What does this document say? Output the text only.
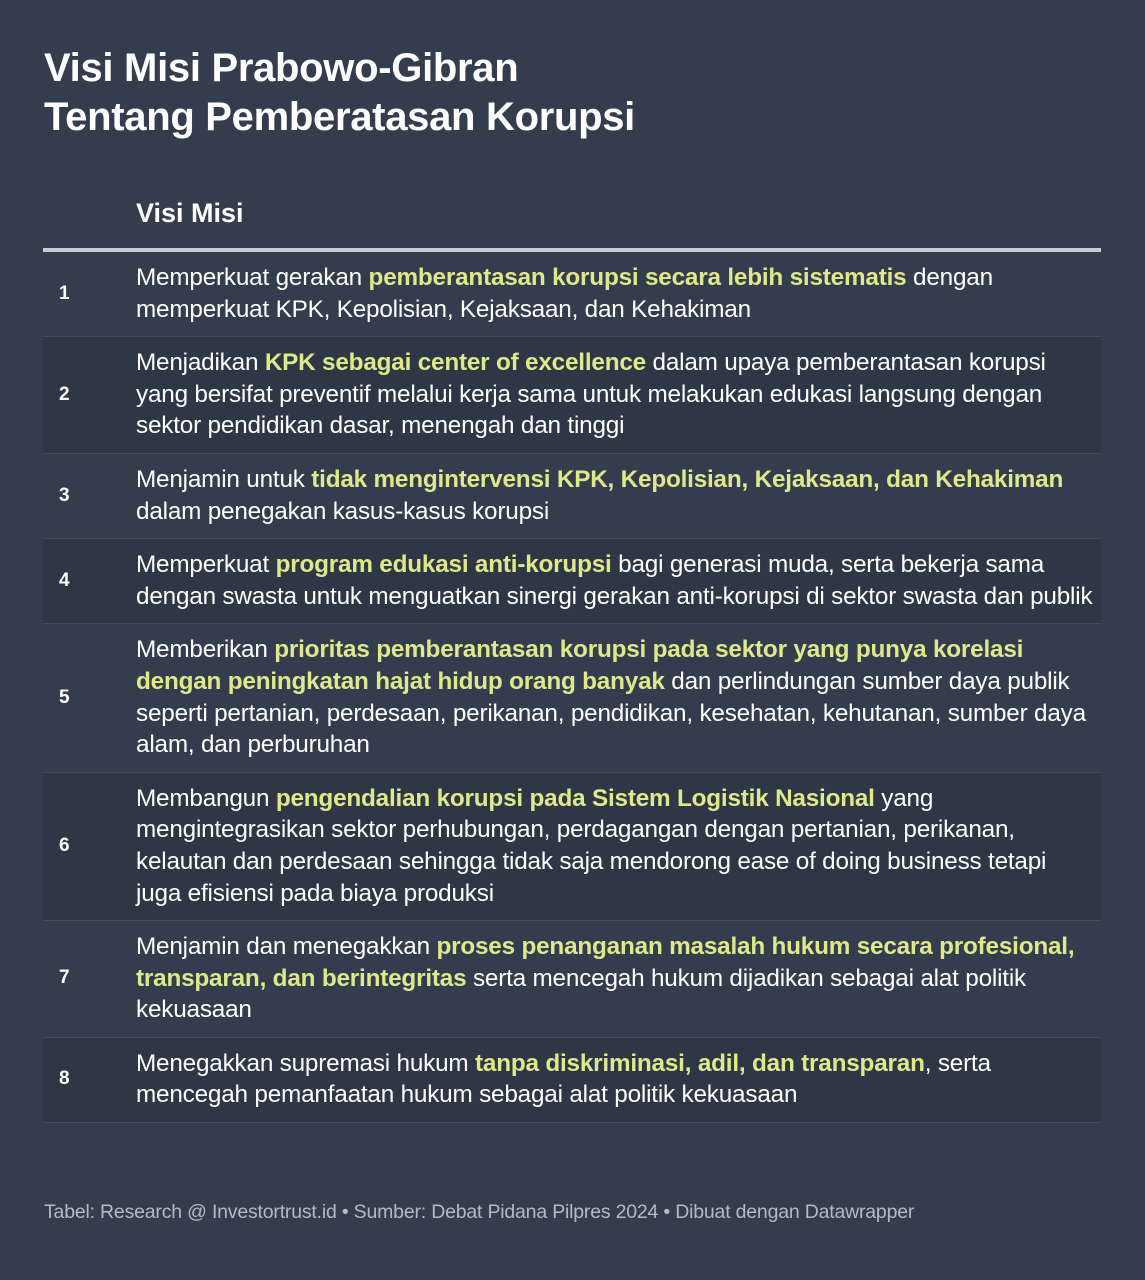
Visi Misi Prabowo-Gibran
Tentang Pemberatasan Korupsi
Visi Misi
1
Memperkuat gerakan pemberantasan korupsi secara lebih sistematis dengan memperkuat KPK, Kepolisian, Kejaksaan, dan Kehakiman
2
Menjadikan KPK sebagai center of excellence dalam upaya pemberantasan korupsi yang bersifat preventif melalui kerja sama untuk melakukan edukasi langsung dengan sektor pendidikan dasar, menengah dan tinggi
3
Menjamin untuk tidak mengintervensi KPK, Kepolisian, Kejaksaan, dan Kehakiman dalam penegakan kasus-kasus korupsi
4
Memperkuat program edukasi anti-korupsi bagi generasi muda, serta bekerja sama dengan swasta untuk menguatkan sinergi gerakan anti-korupsi di sektor swasta dan publik
5
Memberikan prioritas pemberantasan korupsi pada sektor yang punya korelasi dengan peningkatan hajat hidup orang banyak dan perlindungan sumber daya publik seperti pertanian, perdesaan, perikanan, pendidikan, kesehatan, kehutanan, sumber daya alam, dan perburuhan
6
Membangun pengendalian korupsi pada Sistem Logistik Nasional yang mengintegrasikan sektor perhubungan, perdagangan dengan pertanian, perikanan, kelautan dan perdesaan sehingga tidak saja mendorong ease of doing business tetapi juga efisiensi pada biaya produksi
7
Menjamin dan menegakkan proses penanganan masalah hukum secara profesional, transparan, dan berintegritas serta mencegah hukum dijadikan sebagai alat politik kekuasaan
8
Menegakkan supremasi hukum tanpa diskriminasi, adil, dan transparan, serta mencegah pemanfaatan hukum sebagai alat politik kekuasaan
Tabel: Research @ Investortrust.id • Sumber: Debat Pidana Pilpres 2024 • Dibuat dengan Datawrapper
